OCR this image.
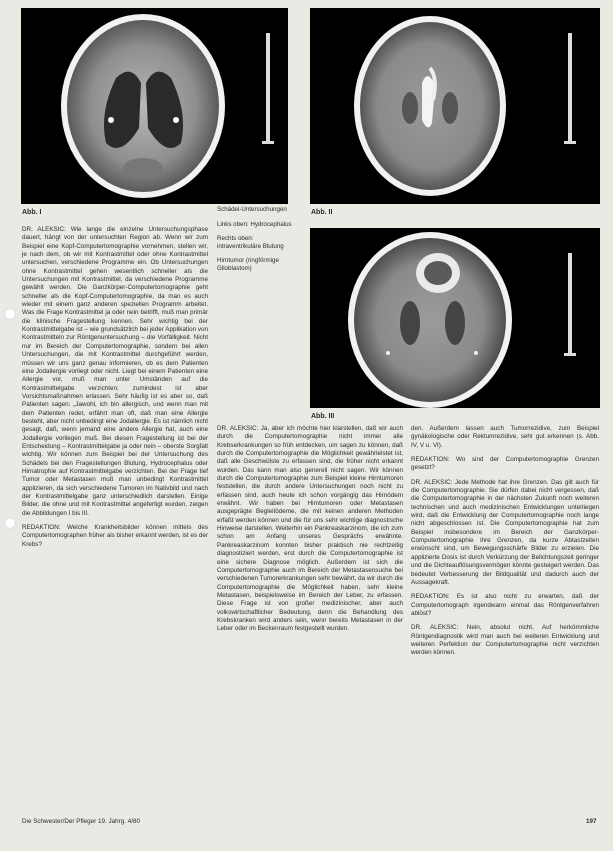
Abb. I	Abb. II
Abb. III

Schädel-Untersuchungen

Links oben: Hydrocephalus

Rechts oben: intraventrikuläre Blutung

Hirntumor (ringförmige Glioblastom)

DR. ALEKSIC: Wie lange die einzelne Untersuchungsphase dauert, hängt von der untersuchten Region ab. Wenn wir zum Beispiel eine Kopf-Computertomographie vornehmen, stellen wir, je nach dem, ob wir mit Kontrastmittel oder ohne Kontrastmittel untersuchen, verschiedene Programme ein. Ob Untersuchungen ohne Kontrastmittel gehen wesentlich schneller als die Untersuchungen mit Kontrastmittel, da verschiedene Programme gewählt werden. Die Ganzkörper-Computertomographie geht schneller als die Kopf-Computertomographie, da man es auch wieder mit einem ganz anderen speziellen Programm arbeitet. Was die Frage Kontrastmittel ja oder nein betrifft, muß man primär die klinische Fragestellung kennen. Sehr wichtig bei der Kontrastmittelgabe ist – wie grundsätzlich bei jeder Applikation von Kontrastmitteln zur Röntgenuntersuchung – die Vorfälligkeit. Nicht nur im Bereich der Computertomographie, sondern bei allen Untersuchungen, die mit Kontrastmittel durchgeführt werden, müssen wir uns ganz genau informieren, ob es dem Patienten eine Jodallergie vorliegt oder nicht. Liegt bei einem Patienten eine Allergie vor, muß man unter Umständen auf die Kontrastmittelgabe verzichten; zumindest ist aber Vorsichtsmaßnahmen erlassen. Sehr häufig ist es aber so, daß Patienten sagen: „Jawohl, ich bin allergisch, und wenn man mit dem Patienten redet, erfährt man oft, daß man eine Allergie besteht, aber nicht unbedingt eine Jodallergie. Es ist nämlich nicht gesagt, daß, wenn jemand eine andere Allergie hat, auch eine Jodallergie vorliegen muß. Bei diesen Fragestellung ist bei der Entscheidung – Kontrastmittelgabe ja oder nein – oberste Sorgfalt wichtig. Wir können zum Beispiel bei der Untersuchung des Schädels bei den Fragestellungen Blutung, Hydrocephalus oder Hirnatrophie auf Kontrastmittelgabe verzichten. Bei der Frage tief Tumor oder Metastasen muß man unbedingt Kontrastmittel applizieren, da sich verschiedene Tumoren im Nativbild und nach der Kontrastmittelgabe ganz unterschiedlich darstellen. Einige Bilder, die ohne und mit Kontrastmittel angefertigt wurden, zeigen die Abbildungen I bis III.

REDAKTION: Welche Krankheitsbilder können mittels des Computertomographen früher als bisher erkannt werden, ist es der Krebs?

DR. ALEKSIC: Ja, aber ich möchte hier klarstellen, daß wir auch durch die Computertomographie nicht immer alle Krebserkrankungen so früh entdecken, um sagen zu können, daß durch die Computertomographie die Möglichkeit gewährleistet ist, daß alle Geschwülste zu erfassen sind, die früher nicht erkannt wurden. Das kann man also generell nicht sagen. Wir können durch die Computertomographie zum Beispiel kleine Hirntumoren feststellen, die durch andere Untersuchungen noch nicht zu erfassen sind, auch heute ich schon vorgängig das Hirnödem erwähnt. Wir haben bei Hirntumoren oder Metastasen ausgeprägte Begleitödeme, die mit keinen anderen Methoden erfaßt werden können und die für uns sehr wichtige diagnostische Hinweise darstellen. Weiterhin ein Pankreaskarzinom, die ich zum schon am Anfang unseres Gesprächs erwähnte. Pankreaskarzinom konnten bisher praktisch nie rechtzeitig diagnostiziert werden, erst durch die Computertomographie ist eine sichere Diagnose möglich. Außerdem ist sich die Computertomographie auch im Bereich der Metastasensuche bei verschiedenen Tumorerkrankungen sehr bewährt, da wir durch die Computertomographie die Möglichkeit haben, sehr kleine Metastasen, beispielsweise im Bereich der Leber, zu erfassen. Diese Frage ist von großer medizinischer, aber auch volkswirtschaftlicher Bedeutung, denn die Behandlung des Krebskranken wird anders sein, wenn bereits Metastasen in der Leber oder im Beckenraum festgestellt wurden.

den. Außerdem lassen auch Tumorrezidive, zum Beispiel gynäkologische oder Rektumrezidive, sehr gut erkennen (s. Abb. IV, V u. VI).

REDAKTION: Wo sind der Computertomographie Grenzen gesetzt?

DR. ALEKSIC: Jede Methode hat ihre Grenzen. Das gilt auch für die Computertomographie. Sie dürfen dabei nicht vergessen, daß die Computertomographie in der nächsten Zukunft noch weiteren technischen und auch medizinischen Entwicklungen unterliegen wird, daß die Entwicklung der Computertomographie noch lange nicht abgeschlossen ist. Die Computertomographie hat zum Beispiel insbesondere im Bereich der Ganzkörper-Computertomographie ihre Grenzen, da kurze Abtastzeiten erwünscht sind, um Bewegungsschärfe Bilder zu erzielen. Die applizierte Dosis ist durch Verkürzung der Belichtungszeit geringer und die Dichteauflösungsvermögen könnte gesteigert werden. Das bedeutet Verbesserung der Bildqualität und dadurch auch der Aussagekraft.

REDAKTION: Es ist also nicht zu erwarten, daß der Computertomograph irgendwann einmal das Röntgenverfahren ablöst?

DR. ALEKSIC: Nein, absolut nicht. Auf herkömmliche Röntgendiagnostik wird man auch bei weiteren Entwicklung und weiteren Perfektion der Computertomographie nicht verzichten werden können.

Die Schwester/Der Pfleger 19. Jahrg. 4/80	197
